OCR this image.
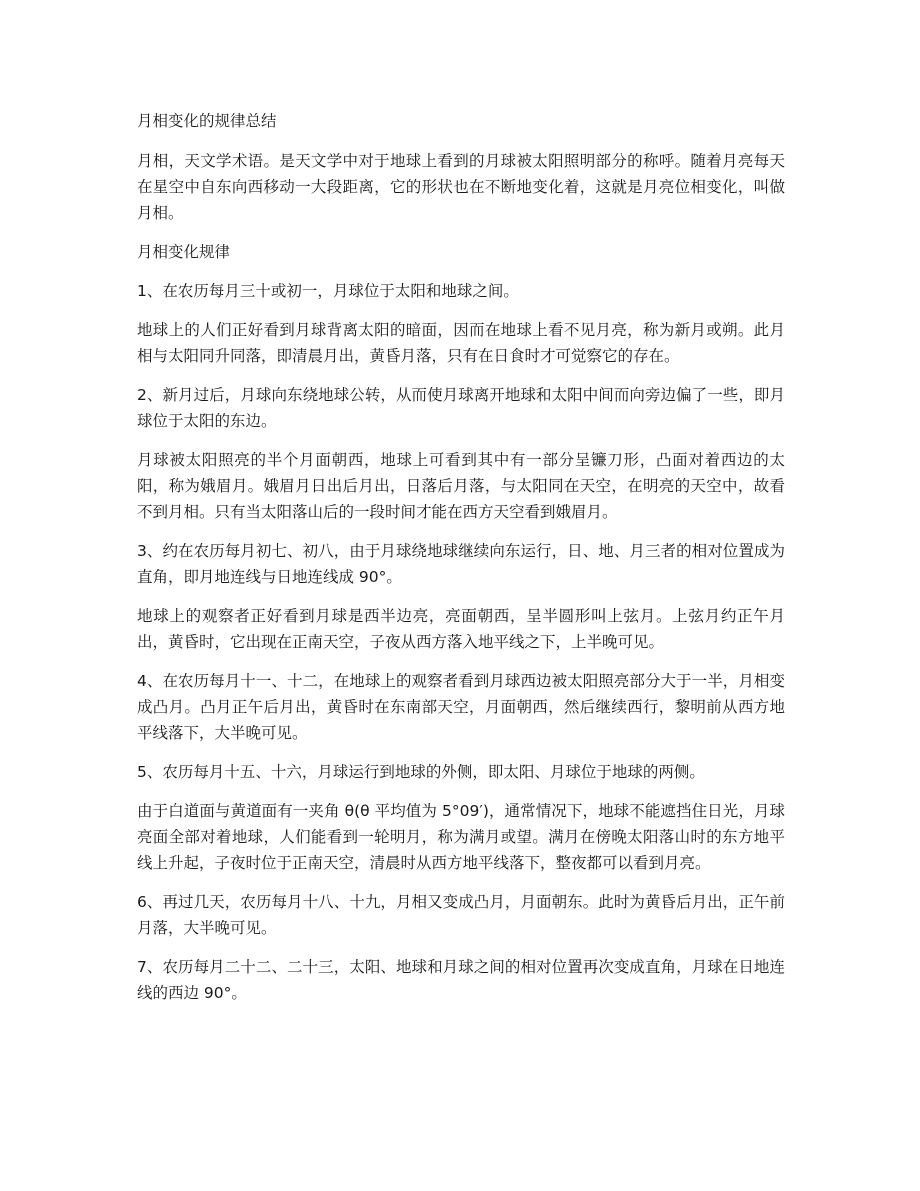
月相变化的规律总结

月相，天文学术语。是天文学中对于地球上看到的月球被太阳照明部分的称呼。随着月亮每天在星空中自东向西移动一大段距离，它的形状也在不断地变化着，这就是月亮位相变化，叫做月相。

月相变化规律

1、在农历每月三十或初一，月球位于太阳和地球之间。

地球上的人们正好看到月球背离太阳的暗面，因而在地球上看不见月亮，称为新月或朔。此月相与太阳同升同落，即清晨月出，黄昏月落，只有在日食时才可觉察它的存在。

2、新月过后，月球向东绕地球公转，从而使月球离开地球和太阳中间而向旁边偏了一些，即月球位于太阳的东边。

月球被太阳照亮的半个月面朝西，地球上可看到其中有一部分呈镰刀形，凸面对着西边的太阳，称为娥眉月。娥眉月日出后月出，日落后月落，与太阳同在天空，在明亮的天空中，故看不到月相。只有当太阳落山后的一段时间才能在西方天空看到娥眉月。

3、约在农历每月初七、初八，由于月球绕地球继续向东运行，日、地、月三者的相对位置成为直角，即月地连线与日地连线成 90°。

地球上的观察者正好看到月球是西半边亮，亮面朝西，呈半圆形叫上弦月。上弦月约正午月出，黄昏时，它出现在正南天空，子夜从西方落入地平线之下，上半晚可见。

4、在农历每月十一、十二，在地球上的观察者看到月球西边被太阳照亮部分大于一半，月相变成凸月。凸月正午后月出，黄昏时在东南部天空，月面朝西，然后继续西行，黎明前从西方地平线落下，大半晚可见。

5、农历每月十五、十六，月球运行到地球的外侧，即太阳、月球位于地球的两侧。

由于白道面与黄道面有一夹角 θ(θ 平均值为 5°09′)，通常情况下，地球不能遮挡住日光，月球亮面全部对着地球，人们能看到一轮明月，称为满月或望。满月在傍晚太阳落山时的东方地平线上升起，子夜时位于正南天空，清晨时从西方地平线落下，整夜都可以看到月亮。

6、再过几天，农历每月十八、十九，月相又变成凸月，月面朝东。此时为黄昏后月出，正午前月落，大半晚可见。

7、农历每月二十二、二十三，太阳、地球和月球之间的相对位置再次变成直角，月球在日地连线的西边 90°。
